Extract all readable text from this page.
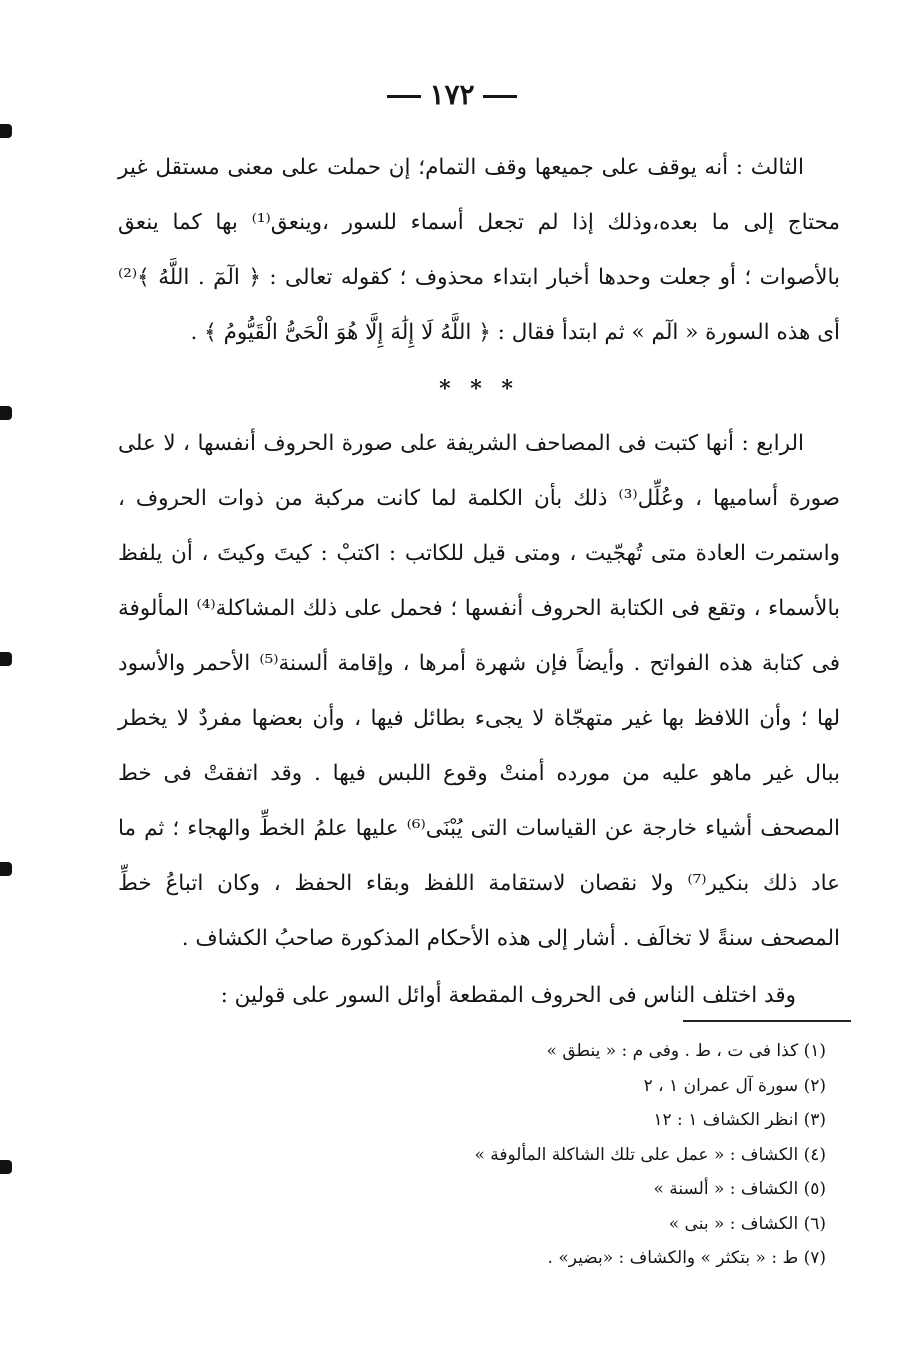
١٧٢

الثالث : أنه يوقف على جميعها وقف التمام؛ إن حملت على معنى مستقل غير محتاج إلى ما بعده،وذلك إذا لم تجعل أسماء للسور ،وينعق⁽¹⁾ بها كما ينعق بالأصوات ؛ أو جعلت وحدها أخبار ابتداء محذوف ؛ كقوله تعالى : ﴿ الٓمٓ . اللَّهُ ﴾⁽²⁾ أى هذه السورة « الٓم » ثم ابتدأ فقال : ﴿ اللَّهُ لَا إِلَٰهَ إِلَّا هُوَ الْحَىُّ الْقَيُّومُ ﴾ .

* * *

الرابع : أنها كتبت فى المصاحف الشريفة على صورة الحروف أنفسها ، لا على صورة أساميها ، وعُلِّل⁽³⁾ ذلك بأن الكلمة لما كانت مركبة من ذوات الحروف ، واستمرت العادة متى تُهجّيت ، ومتى قيل للكاتب : اكتبْ : كيتَ وكيتَ ، أن يلفظ بالأسماء ، وتقع فى الكتابة الحروف أنفسها ؛ فحمل على ذلك المشاكلة⁽⁴⁾ المألوفة فى كتابة هذه الفواتح . وأيضاً فإن شهرة أمرها ، وإقامة ألسنة⁽⁵⁾ الأحمر والأسود لها ؛ وأن اللافظ بها غير متهجّاة لا يجىء بطائل فيها ، وأن بعضها مفردٌ لا يخطر ببال غير ماهو عليه من مورده أمنتْ وقوع اللبس فيها . وقد اتفقتْ فى خط المصحف أشياء خارجة عن القياسات التى يُبْنَى⁽⁶⁾ عليها علمُ الخطِّ والهجاء ؛ ثم ما عاد ذلك بنكير⁽⁷⁾ ولا نقصان لاستقامة اللفظ وبقاء الحفظ ، وكان اتباعُ خطِّ المصحف سنةً لا تخالَف . أشار إلى هذه الأحكام المذكورة صاحبُ الكشاف .

وقد اختلف الناس فى الحروف المقطعة أوائل السور على قولين :

(١) كذا فى ت ، ط . وفى م : « ينطق »
(٢) سورة آل عمران ١ ، ٢
(٣) انظر الكشاف ١ : ١٢
(٤) الكشاف : « عمل على تلك الشاكلة المألوفة »
(٥) الكشاف : « ألسنة »
(٦) الكشاف : « بنى »
(٧) ط : « بتكثر » والكشاف : «بضير» .
